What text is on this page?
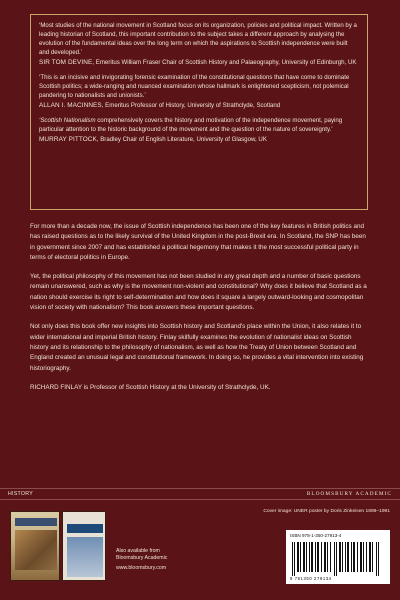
‘Most studies of the national movement in Scotland focus on its organization, policies and political impact. Written by a leading historian of Scotland, this important contribution to the subject takes a different approach by analysing the evolution of the fundamental ideas over the long term on which the aspirations to Scottish independence were built and developed.’
SIR TOM DEVINE, Emeritus William Fraser Chair of Scottish History and Palaeography, University of Edinburgh, UK
‘This is an incisive and invigorating forensic examination of the constitutional questions that have come to dominate Scottish politics; a wide-ranging and nuanced examination whose hallmark is enlightened scepticism, not polemical pandering to nationalists and unionists.’
ALLAN I. MACINNES, Emeritus Professor of History, University of Strathclyde, Scotland
‘Scottish Nationalism comprehensively covers the history and motivation of the independence movement, paying particular attention to the historic background of the movement and the question of the nature of sovereignty.’
MURRAY PITTOCK, Bradley Chair of English Literature, University of Glasgow, UK

For more than a decade now, the issue of Scottish independence has been one of the key features in British politics and has raised questions as to the likely survival of the United Kingdom in the post-Brexit era. In Scotland, the SNP has been in government since 2007 and has established a political hegemony that makes it the most successful political party in terms of electoral politics in Europe.

Yet, the political philosophy of this movement has not been studied in any great depth and a number of basic questions remain unanswered, such as why is the movement non-violent and constitutional? Why does it believe that Scotland as a nation should exercise its right to self-determination and how does it square a largely outward-looking and cosmopolitan vision of society with nationalism? This book answers these important questions.

Not only does this book offer new insights into Scottish history and Scotland's place within the Union, it also relates it to wider international and imperial British history. Finlay skilfully examines the evolution of nationalist ideas on Scottish history and its relationship to the philosophy of nationalism, as well as how the Treaty of Union between Scotland and England created an unusual legal and constitutional framework. In doing so, he provides a vital intervention into existing historiography.

RICHARD FINLAY is Professor of Scottish History at the University of Strathclyde, UK.

HISTORY	BLOOMSBURY ACADEMIC
Cover image: UNER poster by Doris Zinkeisen 1898–1991
Also available from
Bloomsbury Academic
www.bloomsbury.com
ISBN 978-1-350-27913-4
9 781350 279134
